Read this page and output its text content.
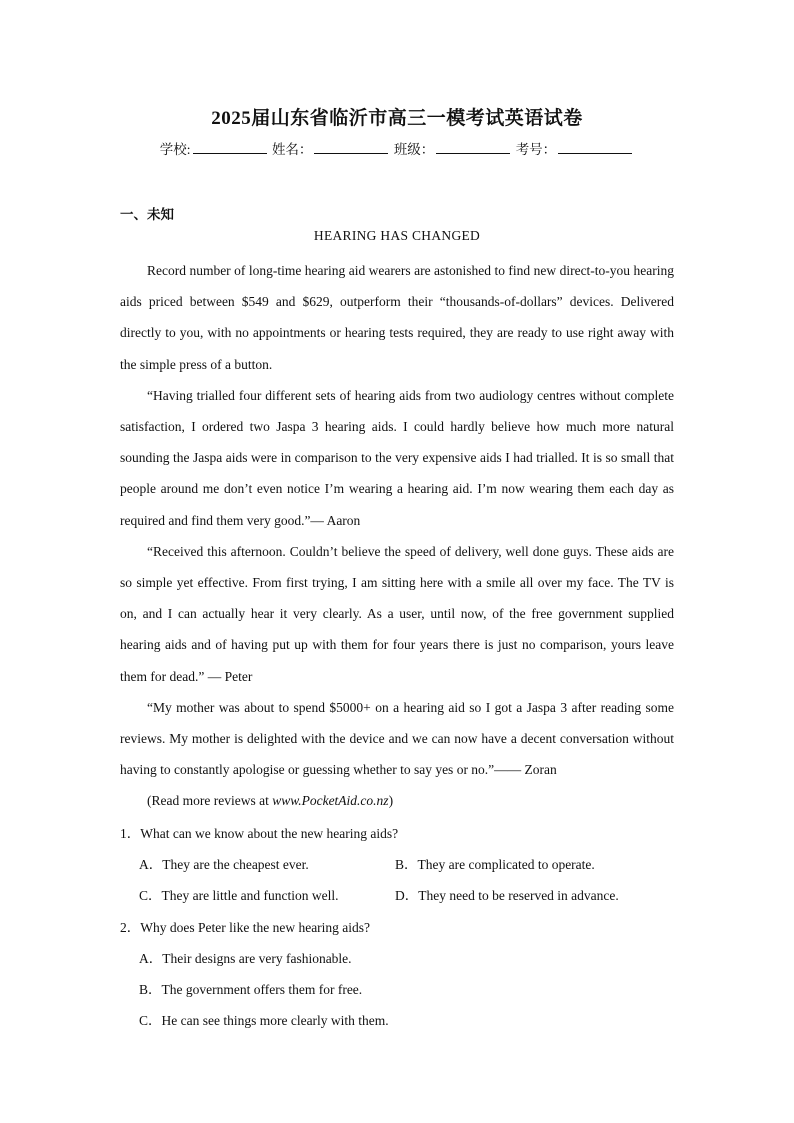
2025届山东省临沂市高三一模考试英语试卷
学校:	姓名：	班级：	考号：
一、未知
HEARING HAS CHANGED

Record number of long-time hearing aid wearers are astonished to find new direct-to-you hearing aids priced between $549 and $629, outperform their “thousands-of-dollars” devices. Delivered directly to you, with no appointments or hearing tests required, they are ready to use right away with the simple press of a button.

“Having trialled four different sets of hearing aids from two audiology centres without complete satisfaction, I ordered two Jaspa 3 hearing aids. I could hardly believe how much more natural sounding the Jaspa aids were in comparison to the very expensive aids I had trialled. It is so small that people around me don’t even notice I’m wearing a hearing aid. I’m now wearing them each day as required and find them very good.”— Aaron

“Received this afternoon. Couldn’t believe the speed of delivery, well done guys. These aids are so simple yet effective. From first trying, I am sitting here with a smile all over my face. The TV is on, and I can actually hear it very clearly. As a user, until now, of the free government supplied hearing aids and of having put up with them for four years there is just no comparison, yours leave them for dead.” — Peter

“My mother was about to spend $5000+ on a hearing aid so I got a Jaspa 3 after reading some reviews. My mother is delighted with the device and we can now have a decent conversation without having to constantly apologise or guessing whether to say yes or no.”—— Zoran

(Read more reviews at www.PocketAid.co.nz)

1．What can we know about the new hearing aids?
A．They are the cheapest ever.	B．They are complicated to operate.
C．They are little and function well.	D．They need to be reserved in advance.
2．Why does Peter like the new hearing aids?
A．Their designs are very fashionable.
B．The government offers them for free.
C．He can see things more clearly with them.
